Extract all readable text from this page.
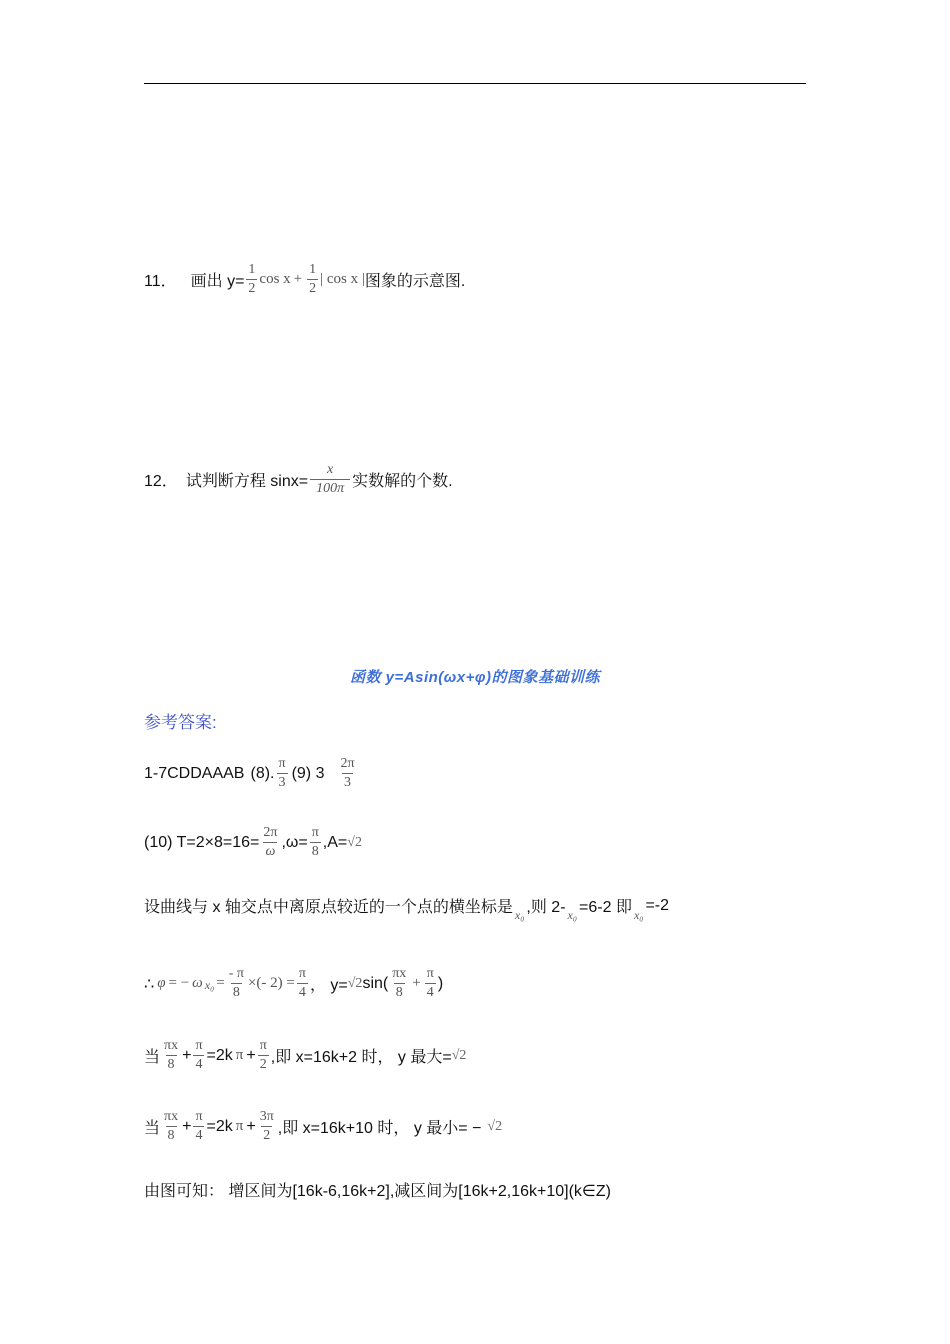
11． 画出 $y= \frac{1}{2}$ $\cos x + \frac{1}{2}$ | cos x | 图象的示意图.
12． 试判断方程 $\sin x= \frac{x}{100\pi}$ 实数解的个数.
函数 y=Asin(ωx+φ)的图象基础训练
参考答案:
1-7CDDAAAB (8). $\frac{\pi}{3} (9)$ $3 \frac{2\pi}{3}$
(10) $T=2\times 8=16= \frac{2\pi}{\omega} ,\omega= \frac{\pi}{8} ,A= √2$
设曲线与 x 轴交点中离原点较近的一个点的横坐标是 x₀ ,则 2- x₀ =6-2 即 x₀
=-2
∴ φ = − ω $x_0 = \frac{- \pi}{8}$ ×(- $2) = \frac{\pi}{4}$ ， y= √2 $\sin( \frac{\pi x}{8} + \frac{\pi}{4}$ )
当 $\frac{\pi x}{8} + \frac{\pi}{4} =2k$ $\pi + \frac{\pi}{2}$ ,即 x=16k+2 时， y 最大= √2
当 $\frac{\pi x}{8} + \frac{\pi}{4} =2k$ $\pi + \frac{3\pi}{2}$ ,即 x=16k+10 时， y 最小= − √2
由图可知： 增区间为[16k-6,16k+2],减区间为[16k+2,16k+10](k∈Z)
